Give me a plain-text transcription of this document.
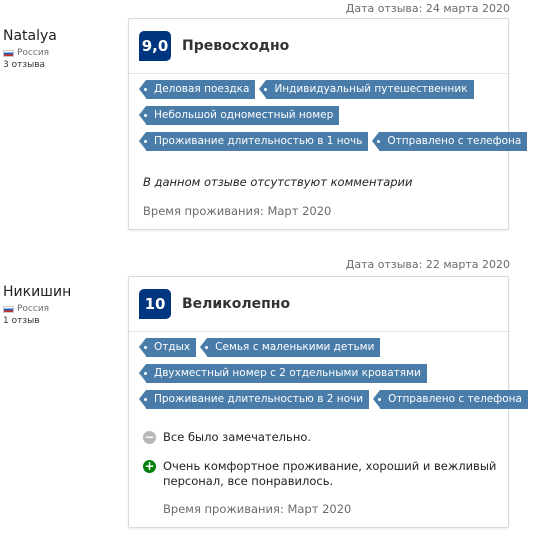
Дата отзыва: 24 марта 2020
Natalya
Россия
3 отзыва
9,0 Превосходно
Деловая поездка	Индивидуальный путешественник
Небольшой одноместный номер
Проживание длительностью в 1 ночь	Отправлено с телефона
В данном отзыве отсутствуют комментарии
Время проживания: Март 2020
Дата отзыва: 22 марта 2020
Никишин
Россия
1 отзыв
10	Великолепно
Отдых	Семья с маленькими детьми
Двухместный номер с 2 отдельными кроватями
Проживание длительностью в 2 ночи	Отправлено с телефона
− Все было замечательно.
+ Очень комфортное проживание, хороший и вежливый персонал, все понравилось.
Время проживания: Март 2020
